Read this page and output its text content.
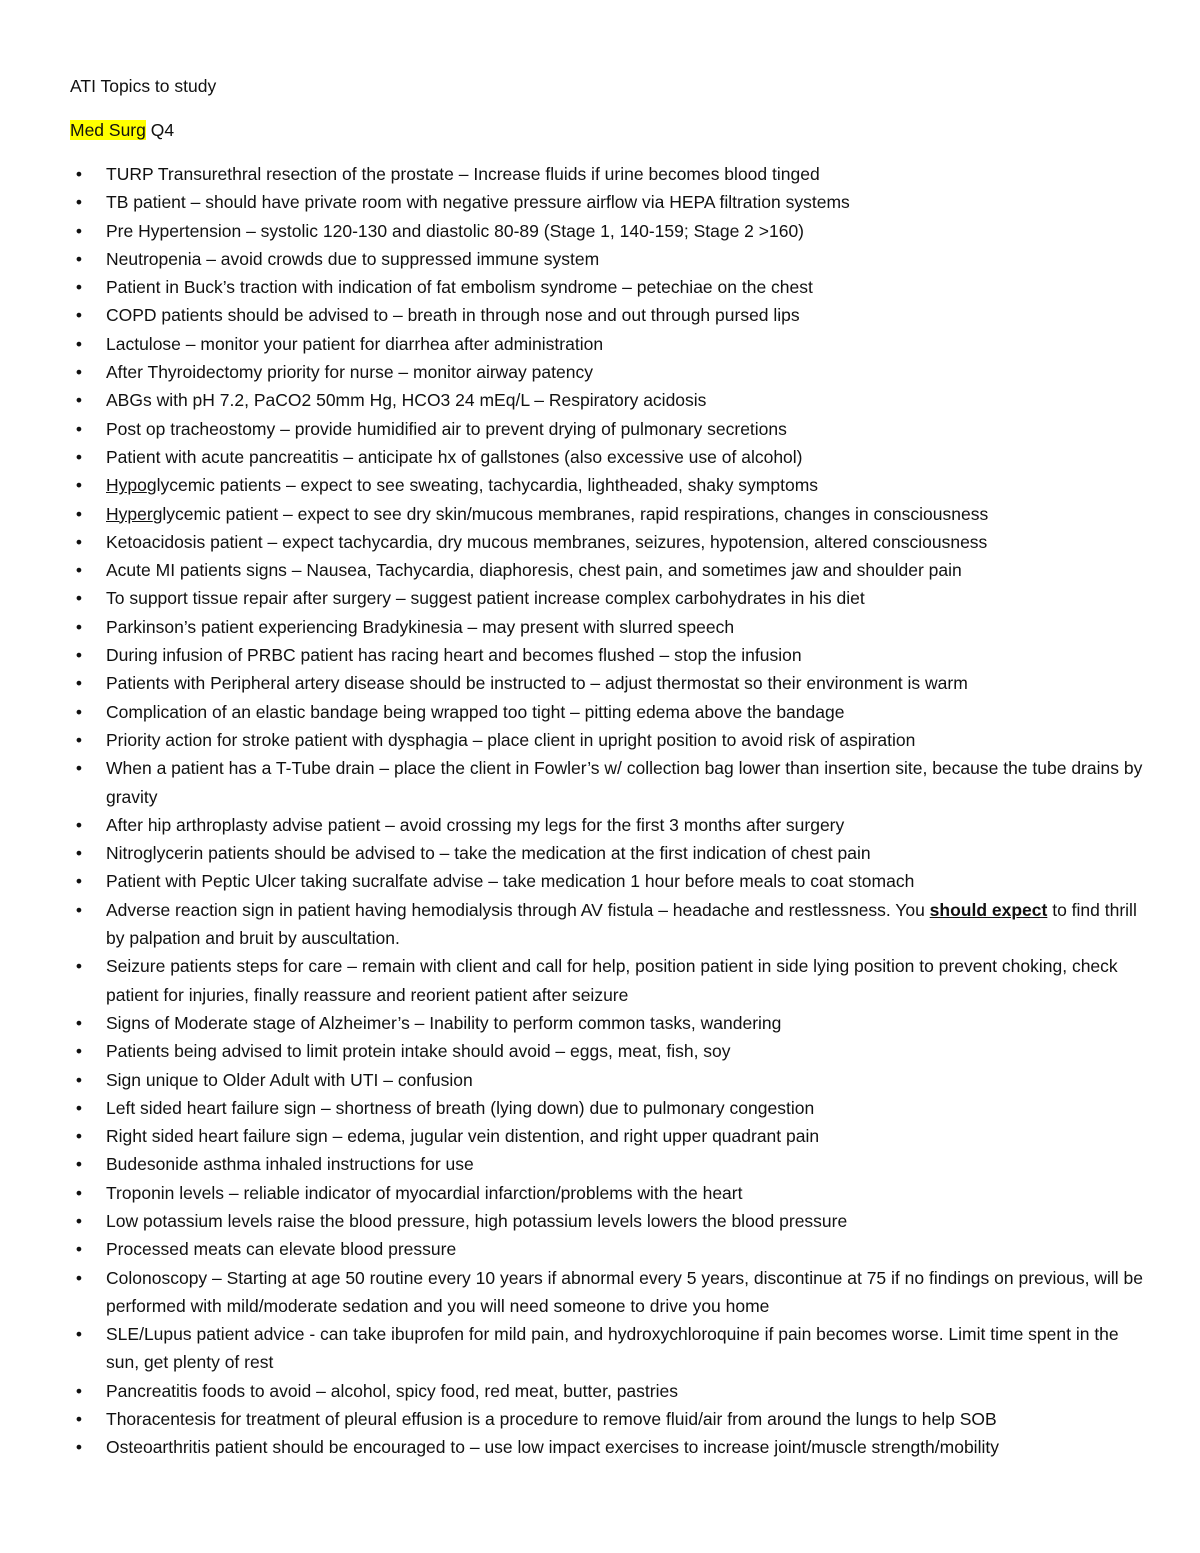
ATI Topics to study
Med Surg Q4
•	TURP Transurethral resection of the prostate – Increase fluids if urine becomes blood tinged
•	TB patient – should have private room with negative pressure airflow via HEPA filtration systems
•	Pre Hypertension – systolic 120-130 and diastolic 80-89 (Stage 1, 140-159; Stage 2 >160)
•	Neutropenia – avoid crowds due to suppressed immune system
•	Patient in Buck’s traction with indication of fat embolism syndrome – petechiae on the chest
•	COPD patients should be advised to – breath in through nose and out through pursed lips
•	Lactulose – monitor your patient for diarrhea after administration
•	After Thyroidectomy priority for nurse – monitor airway patency
•	ABGs with pH 7.2, PaCO2 50mm Hg, HCO3 24 mEq/L – Respiratory acidosis
•	Post op tracheostomy – provide humidified air to prevent drying of pulmonary secretions
•	Patient with acute pancreatitis – anticipate hx of gallstones (also excessive use of alcohol)
•	Hypoglycemic patients – expect to see sweating, tachycardia, lightheaded, shaky symptoms
•	Hyperglycemic patient – expect to see dry skin/mucous membranes, rapid respirations, changes in consciousness
•	Ketoacidosis patient – expect tachycardia, dry mucous membranes, seizures, hypotension, altered consciousness
•	Acute MI patients signs – Nausea, Tachycardia, diaphoresis, chest pain, and sometimes jaw and shoulder pain
•	To support tissue repair after surgery – suggest patient increase complex carbohydrates in his diet
•	Parkinson’s patient experiencing Bradykinesia – may present with slurred speech
•	During infusion of PRBC patient has racing heart and becomes flushed – stop the infusion
•	Patients with Peripheral artery disease should be instructed to – adjust thermostat so their environment is warm
•	Complication of an elastic bandage being wrapped too tight – pitting edema above the bandage
•	Priority action for stroke patient with dysphagia – place client in upright position to avoid risk of aspiration
•	When a patient has a T-Tube drain – place the client in Fowler’s w/ collection bag lower than insertion site, because the tube drains by gravity
•	After hip arthroplasty advise patient – avoid crossing my legs for the first 3 months after surgery
•	Nitroglycerin patients should be advised to – take the medication at the first indication of chest pain
•	Patient with Peptic Ulcer taking sucralfate advise – take medication 1 hour before meals to coat stomach
•	Adverse reaction sign in patient having hemodialysis through AV fistula – headache and restlessness. You should expect to find thrill by palpation and bruit by auscultation.
•	Seizure patients steps for care – remain with client and call for help, position patient in side lying position to prevent choking, check patient for injuries, finally reassure and reorient patient after seizure
•	Signs of Moderate stage of Alzheimer’s – Inability to perform common tasks, wandering
•	Patients being advised to limit protein intake should avoid – eggs, meat, fish, soy
•	Sign unique to Older Adult with UTI – confusion
•	Left sided heart failure sign – shortness of breath (lying down) due to pulmonary congestion
•	Right sided heart failure sign – edema, jugular vein distention, and right upper quadrant pain
•	Budesonide asthma inhaled instructions for use
•	Troponin levels – reliable indicator of myocardial infarction/problems with the heart
•	Low potassium levels raise the blood pressure, high potassium levels lowers the blood pressure
•	Processed meats can elevate blood pressure
•	Colonoscopy – Starting at age 50 routine every 10 years if abnormal every 5 years, discontinue at 75 if no findings on previous, will be performed with mild/moderate sedation and you will need someone to drive you home
•	SLE/Lupus patient advice - can take ibuprofen for mild pain, and hydroxychloroquine if pain becomes worse. Limit time spent in the sun, get plenty of rest
•	Pancreatitis foods to avoid – alcohol, spicy food, red meat, butter, pastries
•	Thoracentesis for treatment of pleural effusion is a procedure to remove fluid/air from around the lungs to help SOB
•	Osteoarthritis patient should be encouraged to – use low impact exercises to increase joint/muscle strength/mobility
